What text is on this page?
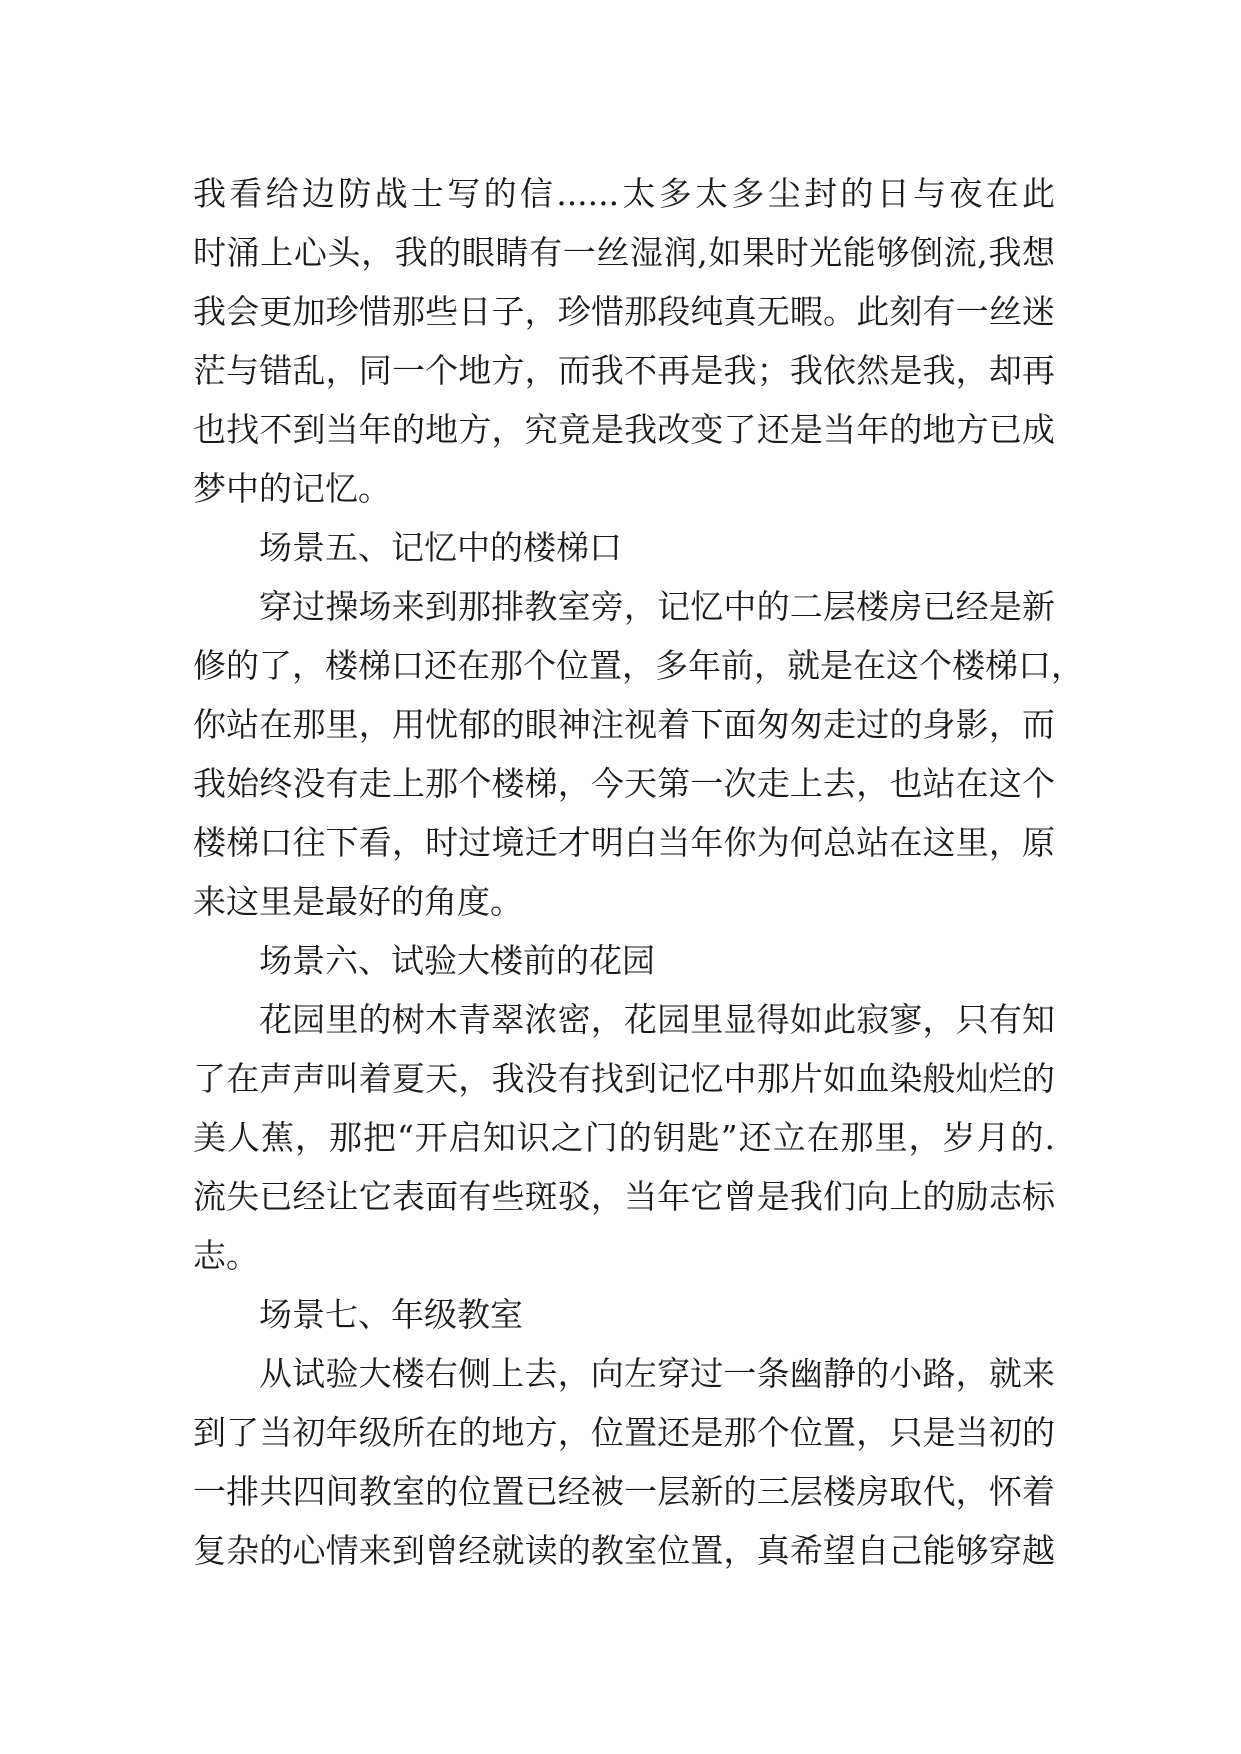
我看给边防战士写的信......太多太多尘封的日与夜在此
时涌上心头，我的眼睛有一丝湿润,如果时光能够倒流,我想
我会更加珍惜那些日子，珍惜那段纯真无暇。此刻有一丝迷
茫与错乱，同一个地方，而我不再是我；我依然是我，却再
也找不到当年的地方，究竟是我改变了还是当年的地方已成
梦中的记忆。
场景五、记忆中的楼梯口
穿过操场来到那排教室旁，记忆中的二层楼房已经是新
修的了，楼梯口还在那个位置，多年前，就是在这个楼梯口，
你站在那里，用忧郁的眼神注视着下面匆匆走过的身影，而
我始终没有走上那个楼梯，今天第一次走上去，也站在这个
楼梯口往下看，时过境迁才明白当年你为何总站在这里，原
来这里是最好的角度。
场景六、试验大楼前的花园
花园里的树木青翠浓密，花园里显得如此寂寥，只有知
了在声声叫着夏天，我没有找到记忆中那片如血染般灿烂的
美人蕉，那把“开启知识之门的钥匙”还立在那里，岁月的.
流失已经让它表面有些斑驳，当年它曾是我们向上的励志标
志。
场景七、年级教室
从试验大楼右侧上去，向左穿过一条幽静的小路，就来
到了当初年级所在的地方，位置还是那个位置，只是当初的
一排共四间教室的位置已经被一层新的三层楼房取代，怀着
复杂的心情来到曾经就读的教室位置，真希望自己能够穿越
